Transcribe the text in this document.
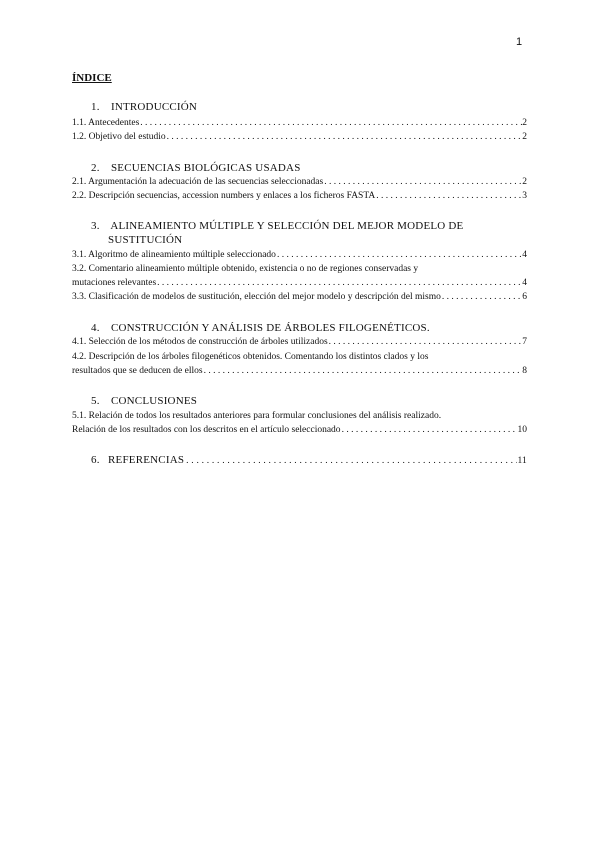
1
ÍNDICE
1. INTRODUCCIÓN
1.1. Antecedentes . . .	2
1.2. Objetivo del estudio . . .	2
2. SECUENCIAS BIOLÓGICAS USADAS
2.1. Argumentación la adecuación de las secuencias seleccionadas . . .	2
2.2. Descripción secuencias, accession numbers y enlaces a los ficheros FASTA . . .	3
3. ALINEAMIENTO MÚLTIPLE Y SELECCIÓN DEL MEJOR MODELO DE
SUSTITUCIÓN
3.1. Algoritmo de alineamiento múltiple seleccionado . . .	4
3.2. Comentario alineamiento múltiple obtenido, existencia o no de regiones conservadas y
mutaciones relevantes . . .	4
3.3. Clasificación de modelos de sustitución, elección del mejor modelo y descripción del mismo . . .	6
4. CONSTRUCCIÓN Y ANÁLISIS DE ÁRBOLES FILOGENÉTICOS.
4.1. Selección de los métodos de construcción de árboles utilizados . . .	7
4.2. Descripción de los árboles filogenéticos obtenidos. Comentando los distintos clados y los
resultados que se deducen de ellos . . .	8
5. CONCLUSIONES
5.1. Relación de todos los resultados anteriores para formular conclusiones del análisis realizado.
Relación de los resultados con los descritos en el artículo seleccionado . . .	10
6. REFERENCIAS . . .	11
